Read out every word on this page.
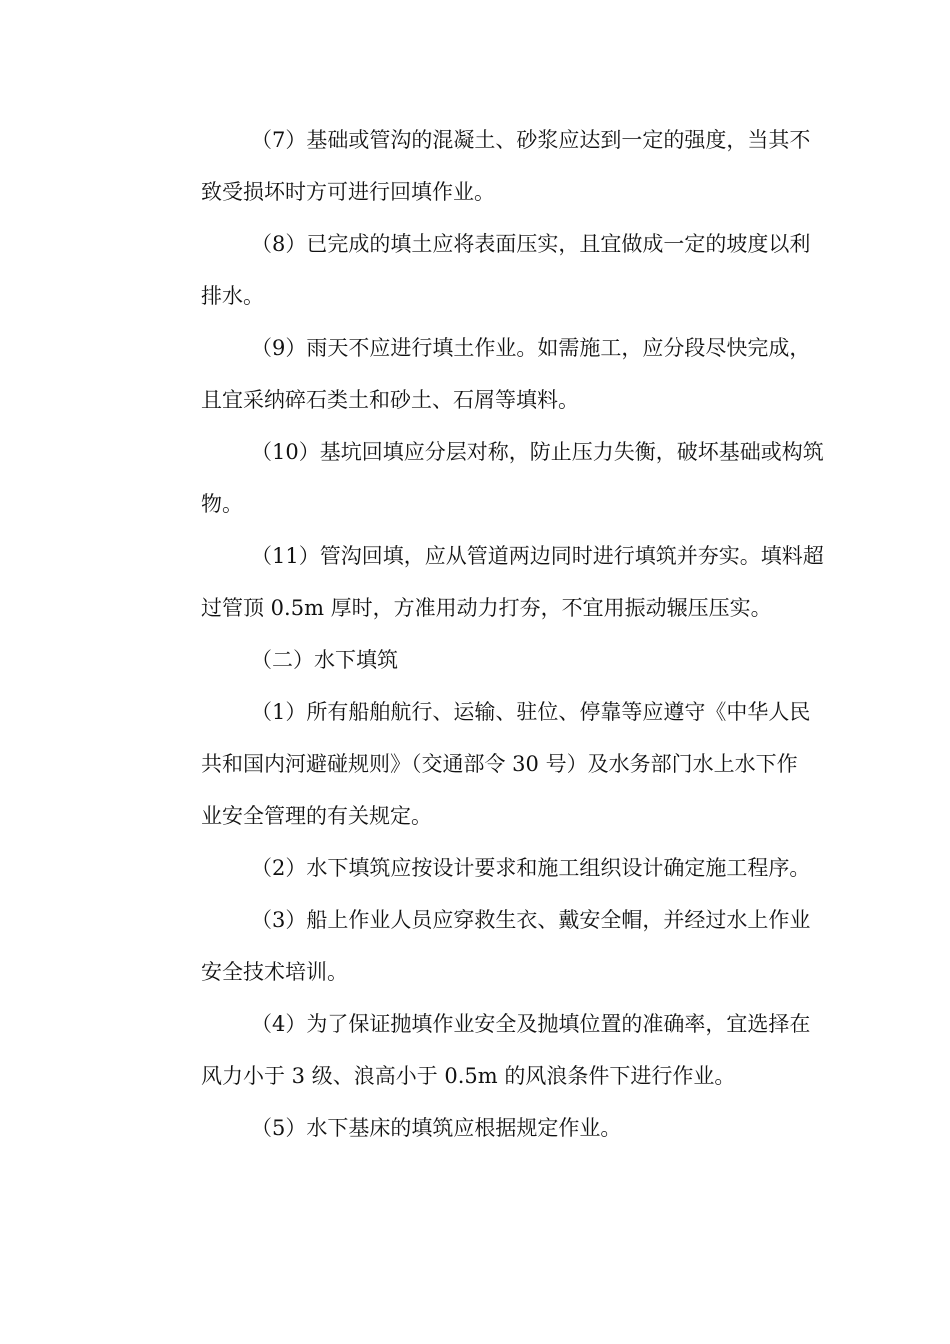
（7）基础或管沟的混凝土、砂浆应达到一定的强度，当其不
致受损坏时方可进行回填作业。
（8）已完成的填土应将表面压实，且宜做成一定的坡度以利
排水。
（9）雨天不应进行填土作业。如需施工，应分段尽快完成，
且宜采纳碎石类土和砂土、石屑等填料。
（10）基坑回填应分层对称，防止压力失衡，破坏基础或构筑
物。
（11）管沟回填，应从管道两边同时进行填筑并夯实。填料超
过管顶 0.5m 厚时，方准用动力打夯，不宜用振动辗压压实。
（二）水下填筑
（1）所有船舶航行、运输、驻位、停靠等应遵守《中华人民
共和国内河避碰规则》（交通部令 30 号）及水务部门水上水下作
业安全管理的有关规定。
（2）水下填筑应按设计要求和施工组织设计确定施工程序。
（3）船上作业人员应穿救生衣、戴安全帽，并经过水上作业
安全技术培训。
（4）为了保证抛填作业安全及抛填位置的准确率，宜选择在
风力小于 3 级、浪高小于 0.5m 的风浪条件下进行作业。
（5）水下基床的填筑应根据规定作业。
